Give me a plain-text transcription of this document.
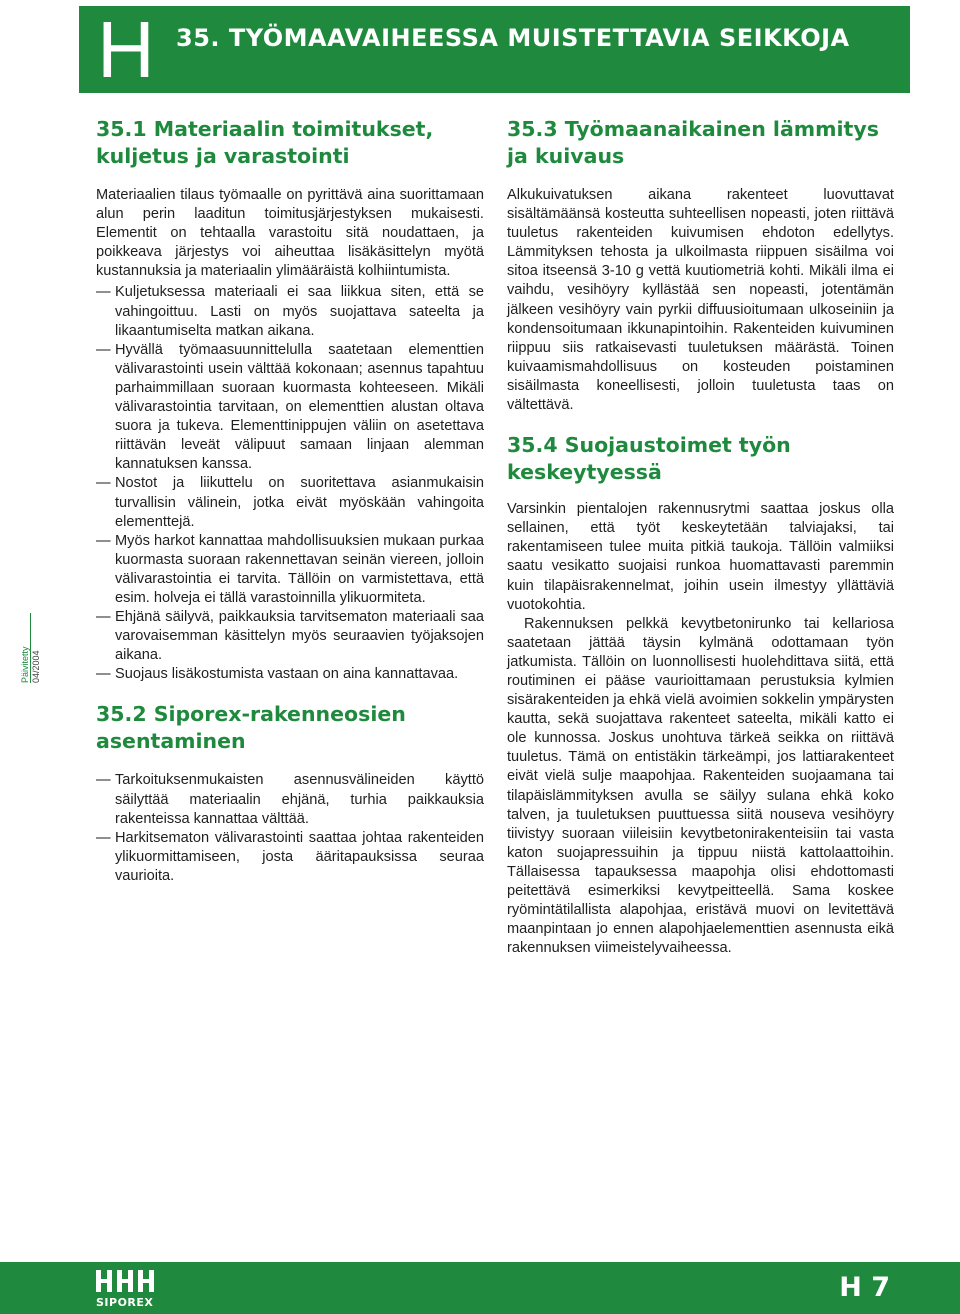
H 35. TYÖMAAVAIHEESSA MUISTETTAVIA SEIKKOJA
35.1 Materiaalin toimitukset, kuljetus ja varastointi

Materiaalien tilaus työmaalle on pyrittävä aina suorittamaan alun perin laaditun toimitusjärjestyksen mukaisesti. Elementit on tehtaalla varastoitu sitä noudattaen, ja poikkeava järjestys voi aiheuttaa lisäkäsittelyn myötä kustannuksia ja materiaalin ylimääräistä kolhiintumista.

— Kuljetuksessa materiaali ei saa liikkua siten, että se vahingoittuu. Lasti on myös suojattava sateelta ja likaantumiselta matkan aikana.
— Hyvällä työmaasuunnittelulla saatetaan elementtien välivarastointi usein välttää kokonaan; asennus tapahtuu parhaimmillaan suoraan kuormasta kohteeseen. Mikäli välivarastointia tarvitaan, on elementtien alustan oltava suora ja tukeva. Elementtinippujen väliin on asetettava riittävän leveät välipuut samaan linjaan alemman kannatuksen kanssa.
— Nostot ja liikuttelu on suoritettava asianmukaisin turvallisin välinein, jotka eivät myöskään vahingoita elementtejä.
— Myös harkot kannattaa mahdollisuuksien mukaan purkaa kuormasta suoraan rakennettavan seinän viereen, jolloin välivarastointia ei tarvita. Tällöin on varmistettava, että esim. holveja ei tällä varastoinnilla ylikuormiteta.
— Ehjänä säilyvä, paikkauksia tarvitsematon materiaali saa varovaisemman käsittelyn myös seuraavien työjaksojen aikana.
— Suojaus lisäkostumista vastaan on aina kannattavaa.
35.2 Siporex-rakenneosien asentaminen
— Tarkoituksenmukaisten asennusvälineiden käyttö säilyttää materiaalin ehjänä, turhia paikkauksia rakenteissa kannattaa välttää.
— Harkitsematon välivarastointi saattaa johtaa rakenteiden ylikuormittamiseen, josta ääritapauksissa seuraa vaurioita.
35.3 Työmaanaikainen lämmitys ja kuivaus

Alkukuivatuksen aikana rakenteet luovuttavat sisältämäänsä kosteutta suhteellisen nopeasti, joten riittävä tuuletus rakenteiden kuivumisen ehdoton edellytys. Lämmityksen tehosta ja ulkoilmasta riippuen sisäilma voi sitoa itseensä 3-10 g vettä kuutiometriä kohti. Mikäli ilma ei vaihdu, vesihöyry kyllästää sen nopeasti, jotentämän jälkeen vesihöyry vain pyrkii diffuusioitumaan ulkoseiniin ja kondensoitumaan ikkunapintoihin. Rakenteiden kuivuminen riippuu siis ratkaisevasti tuuletuksen määrästä. Toinen kuivaamismahdollisuus on kosteuden poistaminen sisäilmasta koneellisesti, jolloin tuuletusta taas on vältettävä.

35.4 Suojaustoimet työn keskeytyessä

Varsinkin pientalojen rakennusrytmi saattaa joskus olla sellainen, että työt keskeytetään talviajaksi, tai rakentamiseen tulee muita pitkiä taukoja. Tällöin valmiiksi saatu vesikatto suojaisi runkoa huomattavasti paremmin kuin tilapäisrakennelmat, joihin usein ilmestyy yllättäviä vuotokohtia.

Rakennuksen pelkkä kevytbetonirunko tai kellariosa saatetaan jättää täysin kylmänä odottamaan työn jatkumista. Tällöin on luonnollisesti huolehdittava siitä, että routiminen ei pääse vaurioittamaan perustuksia kylmien sisärakenteiden ja ehkä vielä avoimien sokkelin ympärysten kautta, sekä suojattava rakenteet sateelta, mikäli katto ei ole kunnossa. Joskus unohtuva tärkeä seikka on riittävä tuuletus. Tämä on entistäkin tärkeämpi, jos lattiarakenteet eivät vielä sulje maapohjaa. Rakenteiden suojaamana tai tilapäislämmityksen avulla se säilyy sulana ehkä koko talven, ja tuuletuksen puuttuessa siitä nouseva vesihöyry tiivistyy suoraan viileisiin kevytbetonirakenteisiin tai vasta katon suojapressuihin ja tippuu niistä kattolaattoihin. Tällaisessa tapauksessa maapohja olisi ehdottomasti peitettävä esimerkiksi kevytpeitteellä. Sama koskee ryömintätilallista alapohjaa, eristävä muovi on levitettävä maanpintaan jo ennen alapohjaelementtien asennusta eikä rakennuksen viimeistelyvaiheessa.

Päivitetty 04/2004
SIPOREX	H 7
